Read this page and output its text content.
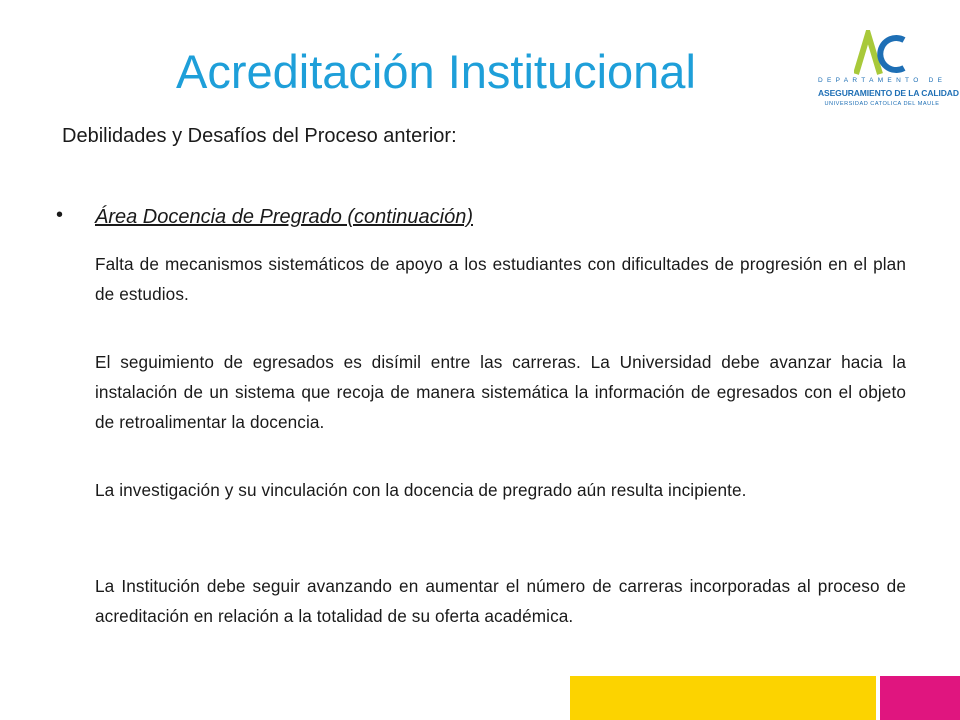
Acreditación Institucional	DEPARTAMENTO DE
ASEGURAMIENTO DE LA CALIDAD
UNIVERSIDAD CATOLICA DEL MAULE
Debilidades y Desafíos del Proceso anterior:
• Área Docencia de Pregrado (continuación)

Falta de mecanismos sistemáticos de apoyo a los estudiantes con dificultades de progresión en el plan de estudios.

El seguimiento de egresados es disímil entre las carreras. La Universidad debe avanzar hacia la instalación de un sistema que recoja de manera sistemática la información de egresados con el objeto de retroalimentar la docencia.

La investigación y su vinculación con la docencia de pregrado aún resulta incipiente.

La Institución debe seguir avanzando en aumentar el número de carreras incorporadas al proceso de acreditación en relación a la totalidad de su oferta académica.
